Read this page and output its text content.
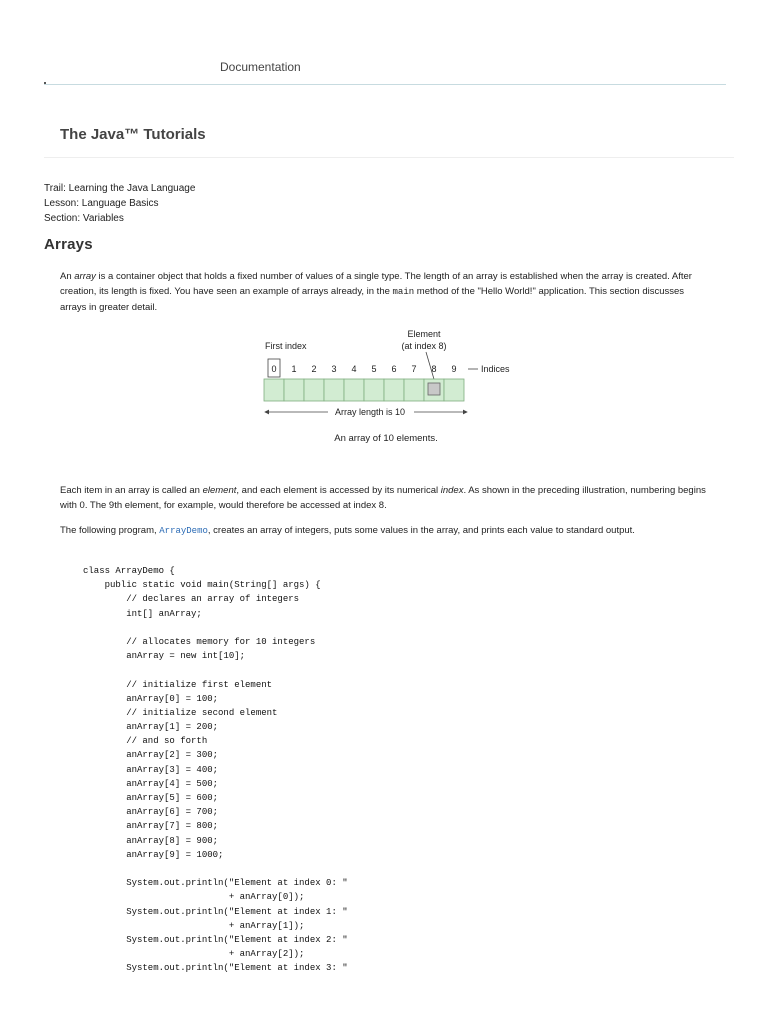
Documentation
The Java™ Tutorials
Trail: Learning the Java Language
Lesson: Language Basics
Section: Variables
Arrays

An array is a container object that holds a fixed number of values of a single type. The length of an array is established when the array is created. After creation, its length is fixed. You have seen an example of arrays already, in the main method of the "Hello World!" application. This section discusses arrays in greater detail.

First index
Element
(at index 8)
0 1 2 3 4 5 6 7 8 9	Indices
Array length is 10
An array of 10 elements.

Each item in an array is called an element, and each element is accessed by its numerical index. As shown in the preceding illustration, numbering begins with 0. The 9th element, for example, would therefore be accessed at index 8.

The following program, ArrayDemo, creates an array of integers, puts some values in the array, and prints each value to standard output.

class ArrayDemo {
public static void main(String[] args) {
// declares an array of integers
int[] anArray;
// allocates memory for 10 integers
anArray = new int[10];
// initialize first element
anArray[0] = 100;
// initialize second element
anArray[1] = 200;
// and so forth
anArray[2] = 300;
anArray[3] = 400;
anArray[4] = 500;
anArray[5] = 600;
anArray[6] = 700;
anArray[7] = 800;
anArray[8] = 900;
anArray[9] = 1000;
System.out.println("Element at index 0: "
+ anArray[0]);
System.out.println("Element at index 1: "
+ anArray[1]);
System.out.println("Element at index 2: "
+ anArray[2]);
System.out.println("Element at index 3: "
